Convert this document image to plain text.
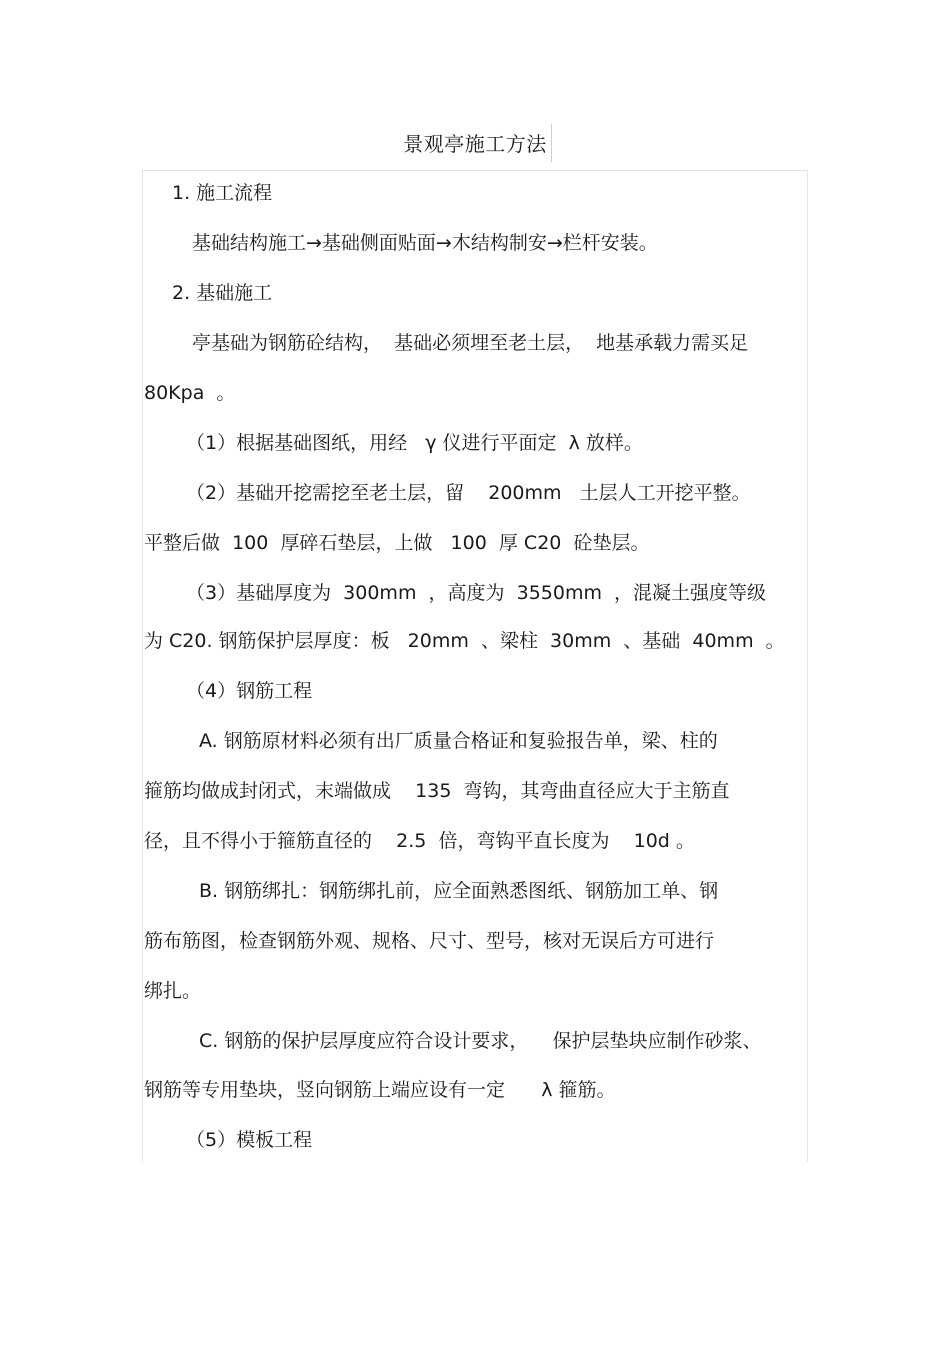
景观亭施工方法
1. 施工流程
基础结构施工→基础侧面贴面→木结构制安→栏杆安装。
2. 基础施工
亭基础为钢筋砼结构，  基础必须埋至老土层，  地基承载力需买足
80Kpa  。
（1）根据基础图纸，用经   γ 仪进行平面定  λ 放样。
（2）基础开挖需挖至老土层，留    200mm   土层人工开挖平整。
平整后做  100  厚碎石垫层，上做   100  厚 C20  砼垫层。
（3）基础厚度为  300mm  ，高度为  3550mm  ，混凝土强度等级
为 C20. 钢筋保护层厚度：板   20mm  、梁柱  30mm  、基础  40mm  。
（4）钢筋工程
A. 钢筋原材料必须有出厂质量合格证和复验报告单，梁、柱的
箍筋均做成封闭式，末端做成    135  弯钩，其弯曲直径应大于主筋直
径，且不得小于箍筋直径的    2.5  倍，弯钩平直长度为    10d 。
B. 钢筋绑扎：钢筋绑扎前，应全面熟悉图纸、钢筋加工单、钢
筋布筋图，检查钢筋外观、规格、尺寸、型号，核对无误后方可进行
绑扎。
C. 钢筋的保护层厚度应符合设计要求，    保护层垫块应制作砂浆、
钢筋等专用垫块，竖向钢筋上端应设有一定      λ 箍筋。
（5）模板工程
